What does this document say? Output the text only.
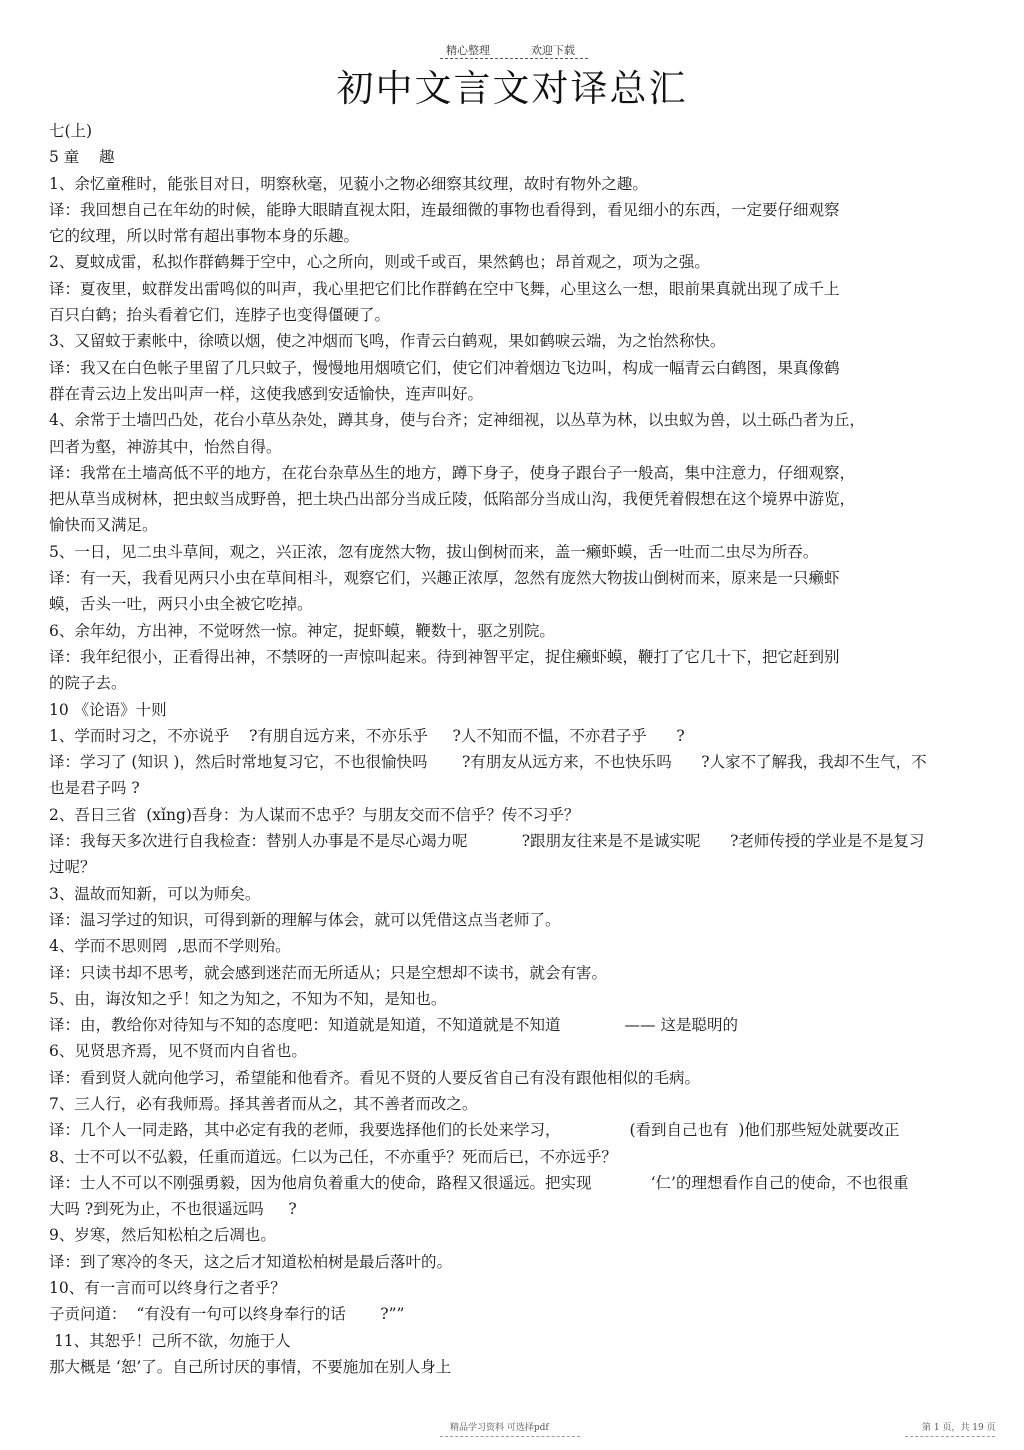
精心整理	欢迎下载
初中文言文对译总汇

七(上)

5 童    趣

1、余忆童稚时，能张目对日，明察秋毫，见藐小之物必细察其纹理，故时有物外之趣。

译：我回想自己在年幼的时候，能睁大眼睛直视太阳，连最细微的事物也看得到，看见细小的东西，一定要仔细观察

它的纹理，所以时常有超出事物本身的乐趣。

2、夏蚊成雷，私拟作群鹤舞于空中，心之所向，则或千或百，果然鹤也；昂首观之，项为之强。

译：夏夜里，蚊群发出雷鸣似的叫声，我心里把它们比作群鹤在空中飞舞，心里这么一想，眼前果真就出现了成千上

百只白鹤；抬头看着它们，连脖子也变得僵硬了。

3、又留蚊于素帐中，徐喷以烟，使之冲烟而飞鸣，作青云白鹤观，果如鹤唳云端，为之怡然称快。

译：我又在白色帐子里留了几只蚊子，慢慢地用烟喷它们，使它们冲着烟边飞边叫，构成一幅青云白鹤图，果真像鹤

群在青云边上发出叫声一样，这使我感到安适愉快，连声叫好。

4、余常于土墙凹凸处，花台小草丛杂处，蹲其身，使与台齐；定神细视，以丛草为林，以虫蚁为兽，以土砾凸者为丘，

凹者为壑，神游其中，怡然自得。

译：我常在土墙高低不平的地方，在花台杂草丛生的地方，蹲下身子，使身子跟台子一般高，集中注意力，仔细观察，

把从草当成树林，把虫蚁当成野兽，把土块凸出部分当成丘陵，低陷部分当成山沟，我便凭着假想在这个境界中游览，

愉快而又满足。

5、一日，见二虫斗草间，观之，兴正浓，忽有庞然大物，拔山倒树而来，盖一癞虾蟆，舌一吐而二虫尽为所吞。

译：有一天，我看见两只小虫在草间相斗，观察它们，兴趣正浓厚，忽然有庞然大物拔山倒树而来，原来是一只癞虾

蟆，舌头一吐，两只小虫全被它吃掉。

6、余年幼，方出神，不觉呀然一惊。神定，捉虾蟆，鞭数十，驱之别院。

译：我年纪很小，正看得出神，不禁呀的一声惊叫起来。待到神智平定，捉住癞虾蟆，鞭打了它几十下，把它赶到别

的院子去。

10 《论语》十则

1、学而时习之，不亦说乎    ?有朋自远方来，不亦乐乎     ?人不知而不愠，不亦君子乎      ?

译：学习了 (知识 )，然后时常地复习它，不也很愉快吗       ?有朋友从远方来，不也快乐吗      ?人家不了解我，我却不生气，不

也是君子吗 ?

2、吾日三省  (xǐng)吾身：为人谋而不忠乎？与朋友交而不信乎？传不习乎？

译：我每天多次进行自我检查：替别人办事是不是尽心竭力呢           ?跟朋友往来是不是诚实呢      ?老师传授的学业是不是复习

过呢？

3、温故而知新，可以为师矣。

译：温习学过的知识，可得到新的理解与体会，就可以凭借这点当老师了。

4、学而不思则罔  ,思而不学则殆。

译：只读书却不思考，就会感到迷茫而无所适从；只是空想却不读书，就会有害。

5、由，诲汝知之乎！知之为知之，不知为不知，是知也。

译：由，教给你对待知与不知的态度吧：知道就是知道，不知道就是不知道             —— 这是聪明的

6、见贤思齐焉，见不贤而内自省也。

译：看到贤人就向他学习，希望能和他看齐。看见不贤的人要反省自己有没有跟他相似的毛病。

7、三人行，必有我师焉。择其善者而从之，其不善者而改之。

译：几个人一同走路，其中必定有我的老师，我要选择他们的长处来学习，              (看到自己也有  )他们那些短处就要改正

8、士不可以不弘毅，任重而道远。仁以为己任，不亦重乎？死而后已，不亦远乎？

译：士人不可以不刚强勇毅，因为他肩负着重大的使命，路程又很遥远。把实现            ‘仁’的理想看作自己的使命，不也很重

大吗 ?到死为止，不也很遥远吗     ?

9、岁寒，然后知松柏之后凋也。

译：到了寒冷的冬天，这之后才知道松柏树是最后落叶的。

10、有一言而可以终身行之者乎？

子贡问道：  “有没有一句可以终身奉行的话       ?””

11、其恕乎！己所不欲，勿施于人

那大概是 ‘恕’了。自己所讨厌的事情，不要施加在别人身上

精品学习资料 可选择pdf	第 1 页，共 19 页
